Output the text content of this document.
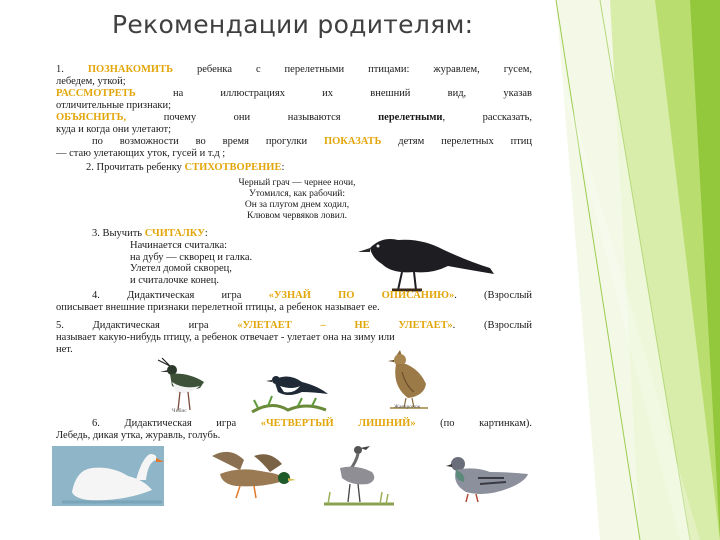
Рекомендации родителям:
1. ПОЗНАКОМИТЬ ребенка с перелетными птицами: журавлем, гусем,
лебедем, уткой;
РАССМОТРЕТЬ	на иллюстрациях их внешний вид, указав
отличительные признаки;
ОБЪЯСНИТЬ,	почему они называются	перелетными, рассказать,
куда и когда они улетают;
по возможности во время прогулки ПОКАЗАТЬ детям перелетных птиц
— стаю улетающих уток, гусей и т.д ;
2. Прочитать ребенку СТИХОТВОРЕНИЕ:
Черный грач — чернее ночи,
Утомился, как рабочий:
Он за плугом днем ходил,
Клювом червяков ловил.
3. Выучить СЧИТАЛКУ:
Начинается считалка:
на дубу — скворец и галка.
Улетел домой скворец,
и считалочке конец.
4. Дидактическая игра	«УЗНАЙ ПО ОПИСАНИЮ». (Взрослый
описывает внешние признаки перелетной птицы, а ребенок называет ее.
5. Дидактическая игра	«УЛЕТАЕТ – НЕ УЛЕТАЕТ». (Взрослый
называет какую-нибудь птицу, а ребенок отвечает - улетает она на зиму или
нет.
Чибис
Жаворонок
6. Дидактическая игра «ЧЕТВЕРТЫЙ ЛИШНИЙ» (по картинкам).
Лебедь, дикая утка, журавль, голубь.
